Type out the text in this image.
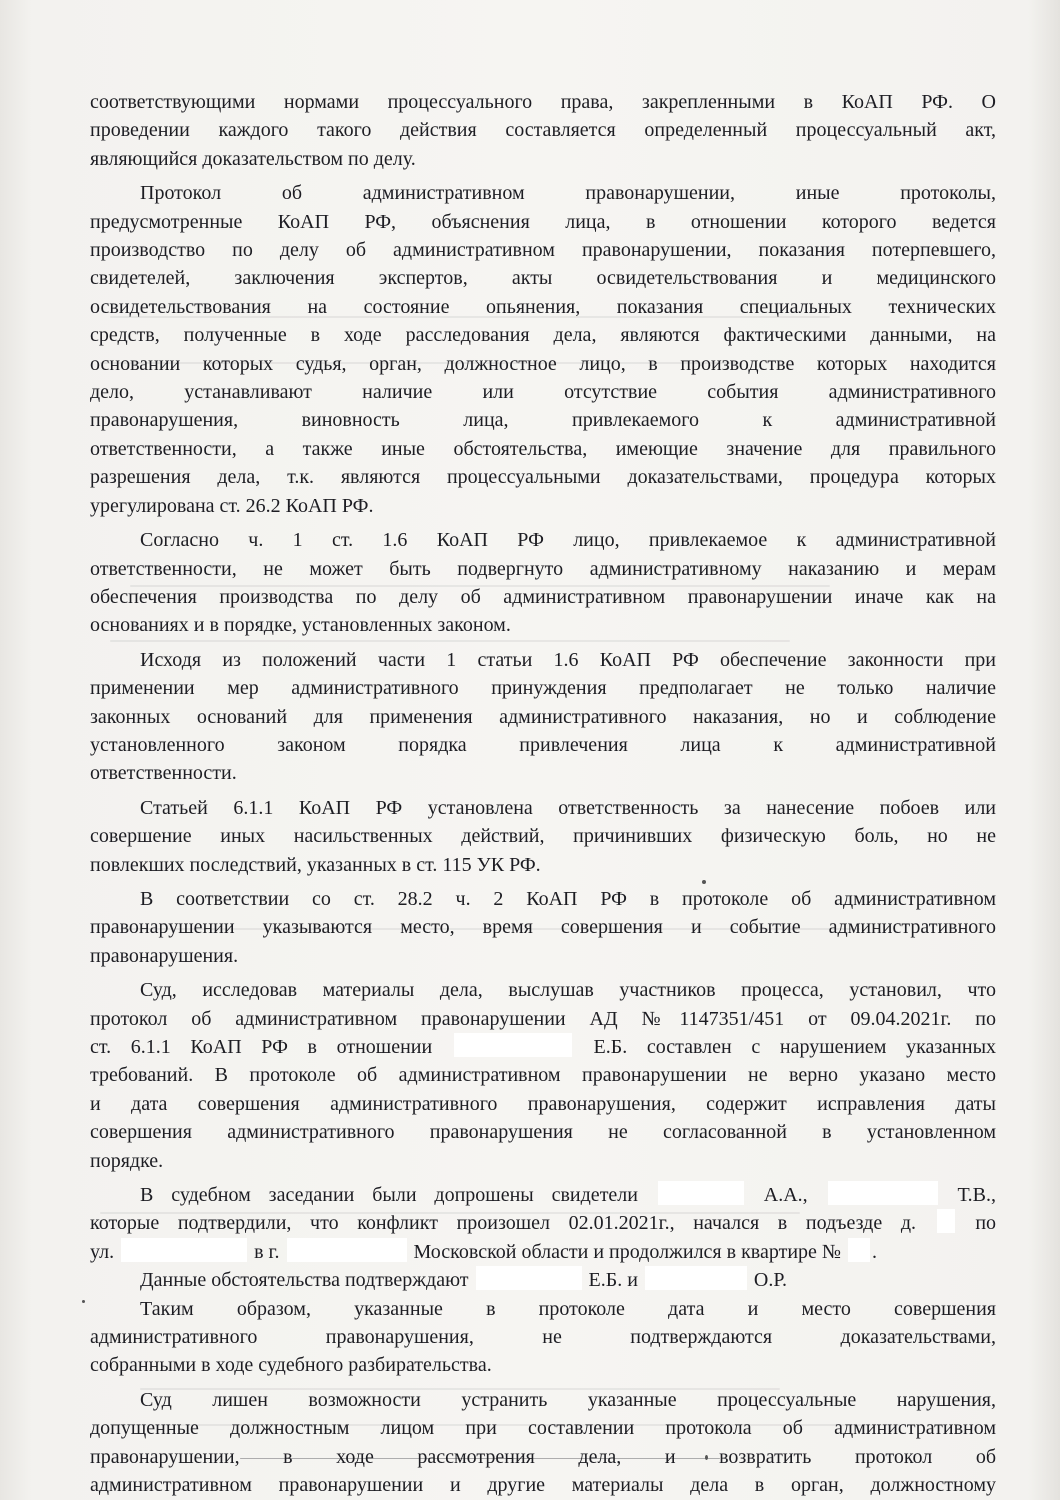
соответствующими нормами процессуального права, закрепленными в КоАП РФ. О
проведении каждого такого действия составляется определенный процессуальный акт,
являющийся доказательством по делу.
Протокол об административном правонарушении, иные протоколы,
предусмотренные КоАП РФ, объяснения лица, в отношении которого ведется
производство по делу об административном правонарушении, показания потерпевшего,
свидетелей, заключения экспертов, акты освидетельствования и медицинского
освидетельствования на состояние опьянения, показания специальных технических
средств, полученные в ходе расследования дела, являются фактическими данными, на
основании которых судья, орган, должностное лицо, в производстве которых находится
дело, устанавливают наличие или отсутствие события административного
правонарушения, виновность лица, привлекаемого к административной
ответственности, а также иные обстоятельства, имеющие значение для правильного
разрешения дела, т.к. являются процессуальными доказательствами, процедура которых
урегулирована ст. 26.2 КоАП РФ.
Согласно ч. 1 ст. 1.6 КоАП РФ лицо, привлекаемое к административной
ответственности, не может быть подвергнуто административному наказанию и мерам
обеспечения производства по делу об административном правонарушении иначе как на
основаниях и в порядке, установленных законом.
Исходя из положений части 1 статьи 1.6 КоАП РФ обеспечение законности при
применении мер административного принуждения предполагает не только наличие
законных оснований для применения административного наказания, но и соблюдение
установленного законом порядка привлечения лица к административной
ответственности.
Статьей 6.1.1 КоАП РФ установлена ответственность за нанесение побоев или
совершение иных насильственных действий, причинивших физическую боль, но не
повлекших последствий, указанных в ст. 115 УК РФ.
В соответствии со ст. 28.2 ч. 2 КоАП РФ в протоколе об административном
правонарушении указываются место, время совершения и событие административного
правонарушения.
Суд, исследовав материалы дела, выслушав участников процесса, установил, что
протокол об административном правонарушении АД №1147351/451 от 09.04.2021г. по
ст. 6.1.1 КоАП РФ в отношении	Е.Б. составлен с нарушением указанных
требований. В протоколе об административном правонарушении не верно указано место
и дата совершения административного правонарушения, содержит исправления даты
совершения административного правонарушения не согласованной в установленном
порядке.
В судебном заседании были допрошены свидетели	А.А.,	Т.В.,
которые подтвердили, что конфликт произошел 02.01.2021г., начался в подъезде д.	по
ул.	в г.	Московской области и продолжился в квартире № .
Данные обстоятельства подтверждают	Е.Б. и	О.Р.
Таким образом, указанные в протоколе дата и место совершения
административного правонарушения, не подтверждаются доказательствами,
собранными в ходе судебного разбирательства.
Суд лишен возможности устранить указанные процессуальные нарушения,
допущенные должностным лицом при составлении протокола об административном
правонарушении, в ходе рассмотрения дела, и возвратить протокол об
административном правонарушении и другие материалы дела в орган, должностному
